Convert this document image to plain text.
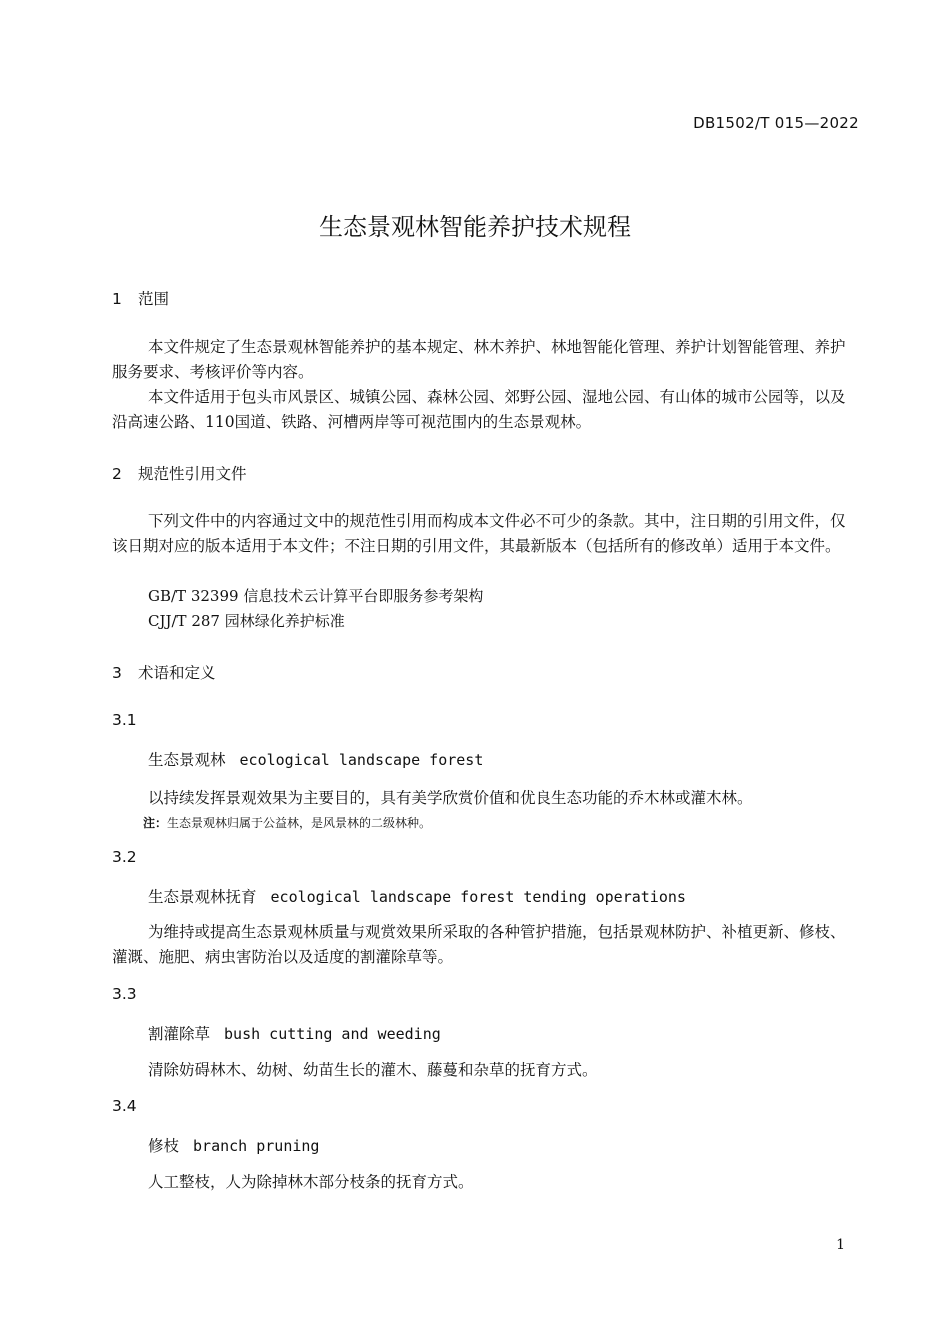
DB1502/T 015—2022
生态景观林智能养护技术规程
1 范围
本文件规定了生态景观林智能养护的基本规定、林木养护、林地智能化管理、养护计划智能管理、养护服务要求、考核评价等内容。
本文件适用于包头市风景区、城镇公园、森林公园、郊野公园、湿地公园、有山体的城市公园等，以及沿高速公路、110国道、铁路、河槽两岸等可视范围内的生态景观林。
2 规范性引用文件
下列文件中的内容通过文中的规范性引用而构成本文件必不可少的条款。其中，注日期的引用文件，仅该日期对应的版本适用于本文件；不注日期的引用文件，其最新版本（包括所有的修改单）适用于本文件。
GB/T 32399 信息技术云计算平台即服务参考架构
CJJ/T 287 园林绿化养护标准
3 术语和定义
3.1
生态景观林 ecological landscape forest
以持续发挥景观效果为主要目的，具有美学欣赏价值和优良生态功能的乔木林或灌木林。
注：生态景观林归属于公益林，是风景林的二级林种。
3.2
生态景观林抚育 ecological landscape forest tending operations
为维持或提高生态景观林质量与观赏效果所采取的各种管护措施，包括景观林防护、补植更新、修枝、灌溉、施肥、病虫害防治以及适度的割灌除草等。
3.3
割灌除草 bush cutting and weeding
清除妨碍林木、幼树、幼苗生长的灌木、藤蔓和杂草的抚育方式。
3.4
修枝 branch pruning
人工整枝，人为除掉林木部分枝条的抚育方式。
1
